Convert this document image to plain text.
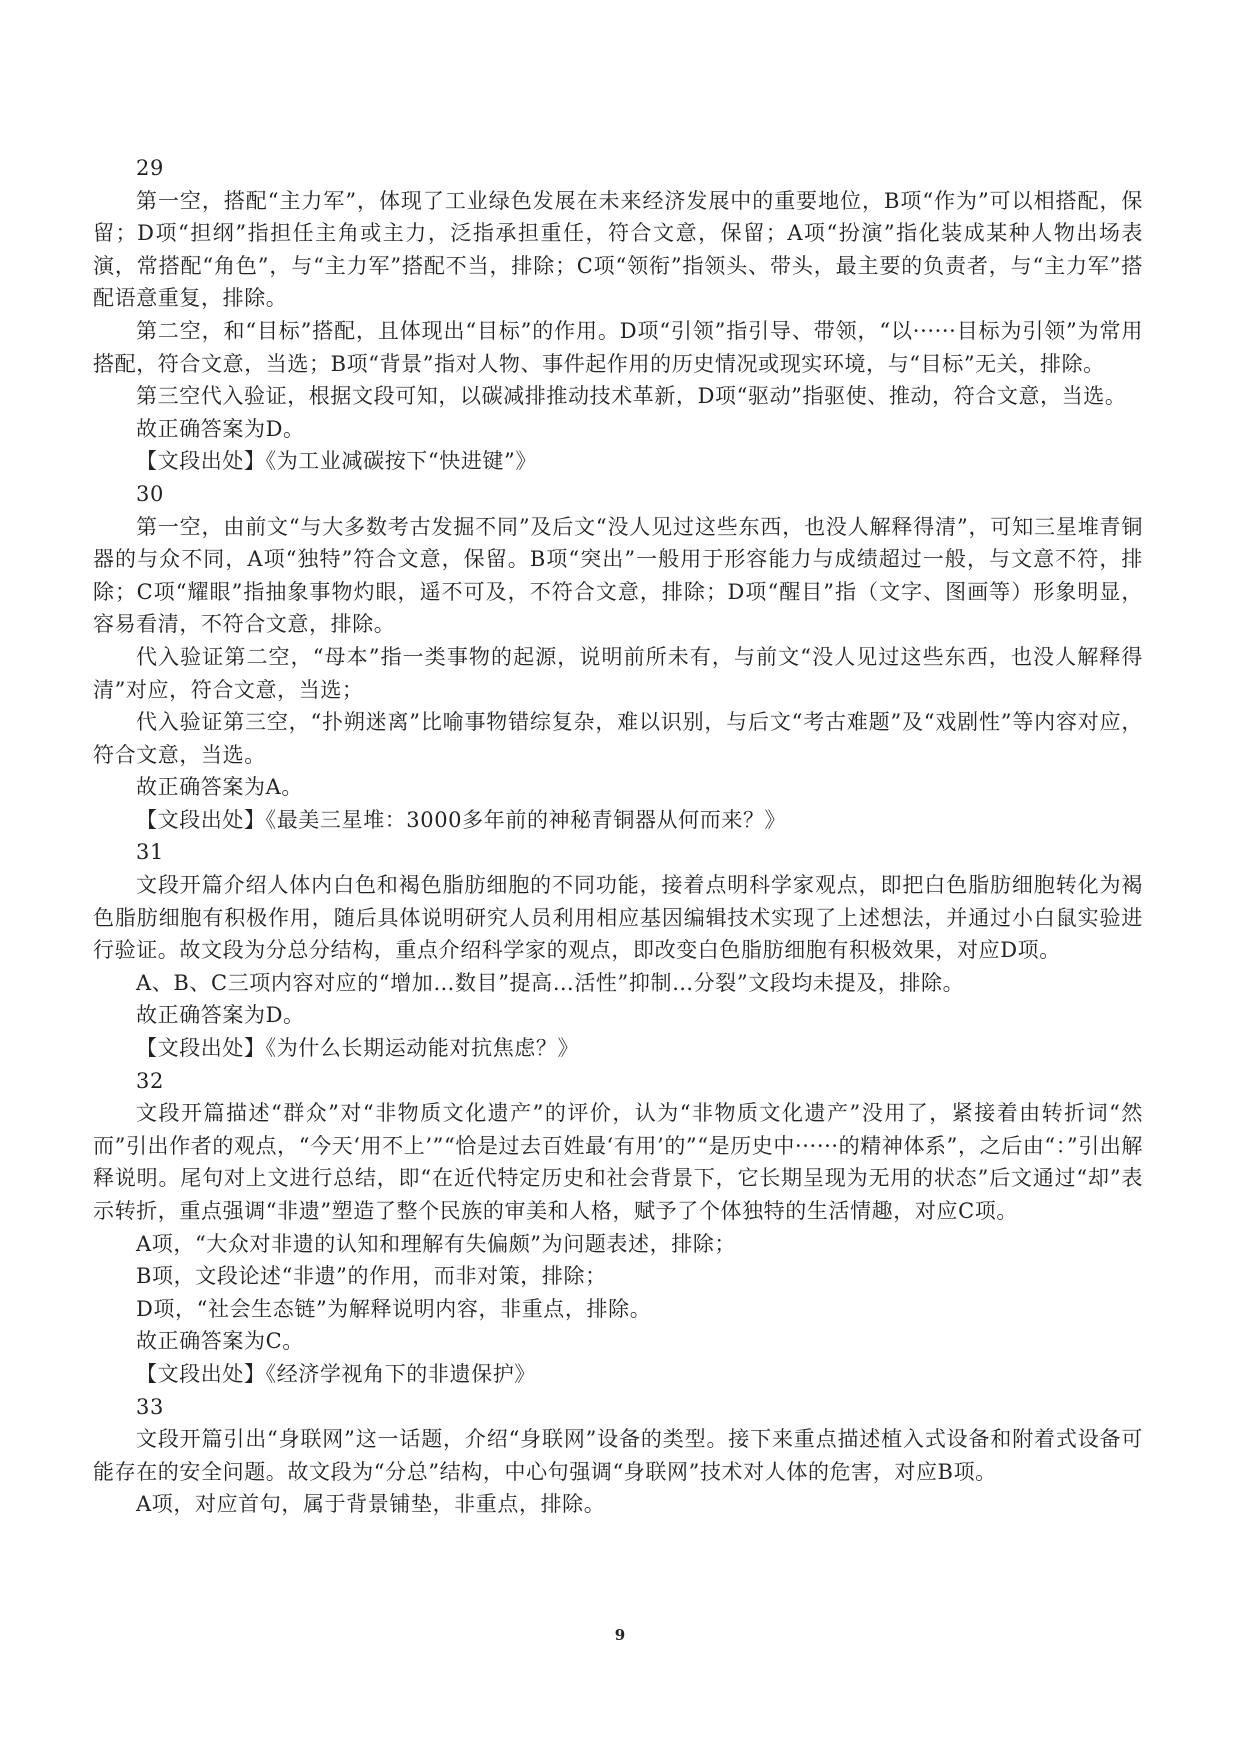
29

第一空，搭配“主力军”，体现了工业绿色发展在未来经济发展中的重要地位，B项“作为”可以相搭配，保留；D项“担纲”指担任主角或主力，泛指承担重任，符合文意，保留；A项“扮演”指化装成某种人物出场表演，常搭配“角色”，与“主力军”搭配不当，排除；C项“领衔”指领头、带头，最主要的负责者，与“主力军”搭配语意重复，排除。

第二空，和“目标”搭配，且体现出“目标”的作用。D项“引领”指引导、带领，“以······目标为引领”为常用搭配，符合文意，当选；B项“背景”指对人物、事件起作用的历史情况或现实环境，与“目标”无关，排除。

第三空代入验证，根据文段可知，以碳减排推动技术革新，D项“驱动”指驱使、推动，符合文意，当选。

故正确答案为D。

【文段出处】《为工业减碳按下“快进键”》

30

第一空，由前文“与大多数考古发掘不同”及后文“没人见过这些东西，也没人解释得清”，可知三星堆青铜器的与众不同，A项“独特”符合文意，保留。B项“突出”一般用于形容能力与成绩超过一般，与文意不符，排除；C项“耀眼”指抽象事物灼眼，遥不可及，不符合文意，排除；D项“醒目”指（文字、图画等）形象明显，容易看清，不符合文意，排除。

代入验证第二空，“母本”指一类事物的起源，说明前所未有，与前文“没人见过这些东西，也没人解释得清”对应，符合文意，当选；

代入验证第三空，“扑朔迷离”比喻事物错综复杂，难以识别，与后文“考古难题”及“戏剧性”等内容对应，符合文意，当选。

故正确答案为A。

【文段出处】《最美三星堆：3000多年前的神秘青铜器从何而来？》

31

文段开篇介绍人体内白色和褐色脂肪细胞的不同功能，接着点明科学家观点，即把白色脂肪细胞转化为褐色脂肪细胞有积极作用，随后具体说明研究人员利用相应基因编辑技术实现了上述想法，并通过小白鼠实验进行验证。故文段为分总分结构，重点介绍科学家的观点，即改变白色脂肪细胞有积极效果，对应D项。

A、B、C三项内容对应的“增加…数目”提高…活性”抑制…分裂”文段均未提及，排除。

故正确答案为D。

【文段出处】《为什么长期运动能对抗焦虑？》

32

文段开篇描述“群众”对“非物质文化遗产”的评价，认为“非物质文化遗产”没用了，紧接着由转折词“然而”引出作者的观点，“今天‘用不上’”“恰是过去百姓最‘有用’的”“是历史中······的精神体系”，之后由“：”引出解释说明。尾句对上文进行总结，即“在近代特定历史和社会背景下，它长期呈现为无用的状态”后文通过“却”表示转折，重点强调“非遗”塑造了整个民族的审美和人格，赋予了个体独特的生活情趣，对应C项。

A项，“大众对非遗的认知和理解有失偏颇”为问题表述，排除；

B项，文段论述“非遗”的作用，而非对策，排除；

D项，“社会生态链”为解释说明内容，非重点，排除。

故正确答案为C。

【文段出处】《经济学视角下的非遗保护》

33

文段开篇引出“身联网”这一话题，介绍“身联网”设备的类型。接下来重点描述植入式设备和附着式设备可能存在的安全问题。故文段为“分总”结构，中心句强调“身联网”技术对人体的危害，对应B项。

A项，对应首句，属于背景铺垫，非重点，排除。

9
